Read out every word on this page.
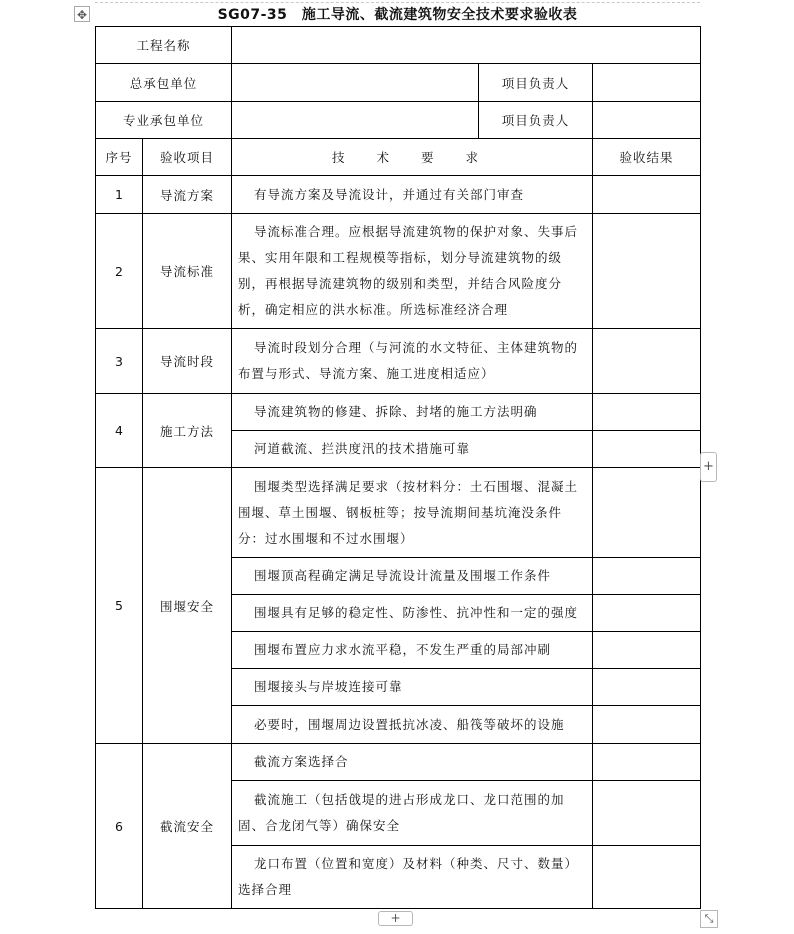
✥	SG07-35　施工导流、截流建筑物安全技术要求验收表
工程名称				
总承包单位			项目负责人	
专业承包单位			项目负责人	
序号	验收项目	技 术 要 求		验收结果
1	导流方案	有导流方案及导流设计，并通过有关部门审查		

2	导流标准	导流标准合理。应根据导流建筑物的保护对象、失事后果、实用年限和工程规模等指标，划分导流建筑物的级别，再根据导流建筑物的级别和类型，并结合风险度分析，确定相应的洪水标准。所选标准经济合理		

3	导流时段	导流时段划分合理（与河流的水文特征、主体建筑物的布置与形式、导流方案、施工进度相适应）		

4	施工方法	导流建筑物的修建、拆除、封堵的施工方法明确		

		河道截流、拦洪度汛的技术措施可靠		

5	围堰安全	围堰类型选择满足要求（按材料分：土石围堰、混凝土围堰、草土围堰、钢板桩等；按导流期间基坑淹没条件分：过水围堰和不过水围堰）		

		围堰顶高程确定满足导流设计流量及围堰工作条件		

		围堰具有足够的稳定性、防渗性、抗冲性和一定的强度		

		围堰布置应力求水流平稳，不发生严重的局部冲刷		

		围堰接头与岸坡连接可靠		

		必要时，围堰周边设置抵抗冰凌、船筏等破坏的设施		

6	截流安全	截流方案选择合		

		截流施工（包括戗堤的进占形成龙口、龙口范围的加固、合龙闭气等）确保安全		

		龙口布置（位置和宽度）及材料（种类、尺寸、数量）选择合理		

+
+	⤡
